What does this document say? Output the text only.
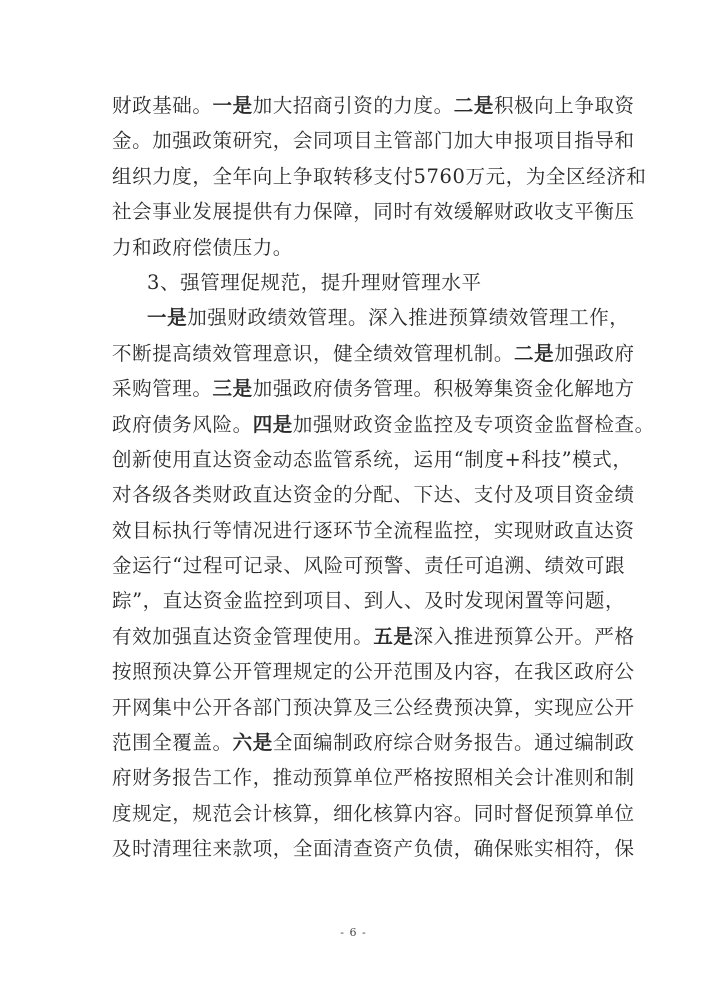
财政基础。一是加大招商引资的力度。二是积极向上争取资
金。加强政策研究，会同项目主管部门加大申报项目指导和
组织力度，全年向上争取转移支付5760万元，为全区经济和
社会事业发展提供有力保障，同时有效缓解财政收支平衡压
力和政府偿债压力。
3、强管理促规范，提升理财管理水平
一是加强财政绩效管理。深入推进预算绩效管理工作，
不断提高绩效管理意识，健全绩效管理机制。二是加强政府
采购管理。三是加强政府债务管理。积极筹集资金化解地方
政府债务风险。四是加强财政资金监控及专项资金监督检查。
创新使用直达资金动态监管系统，运用“制度+科技”模式，
对各级各类财政直达资金的分配、下达、支付及项目资金绩
效目标执行等情况进行逐环节全流程监控，实现财政直达资
金运行“过程可记录、风险可预警、责任可追溯、绩效可跟
踪”，直达资金监控到项目、到人、及时发现闲置等问题，
有效加强直达资金管理使用。五是深入推进预算公开。严格
按照预决算公开管理规定的公开范围及内容，在我区政府公
开网集中公开各部门预决算及三公经费预决算，实现应公开
范围全覆盖。六是全面编制政府综合财务报告。通过编制政
府财务报告工作，推动预算单位严格按照相关会计准则和制
度规定，规范会计核算，细化核算内容。同时督促预算单位
及时清理往来款项，全面清查资产负债，确保账实相符，保
- 6 -
